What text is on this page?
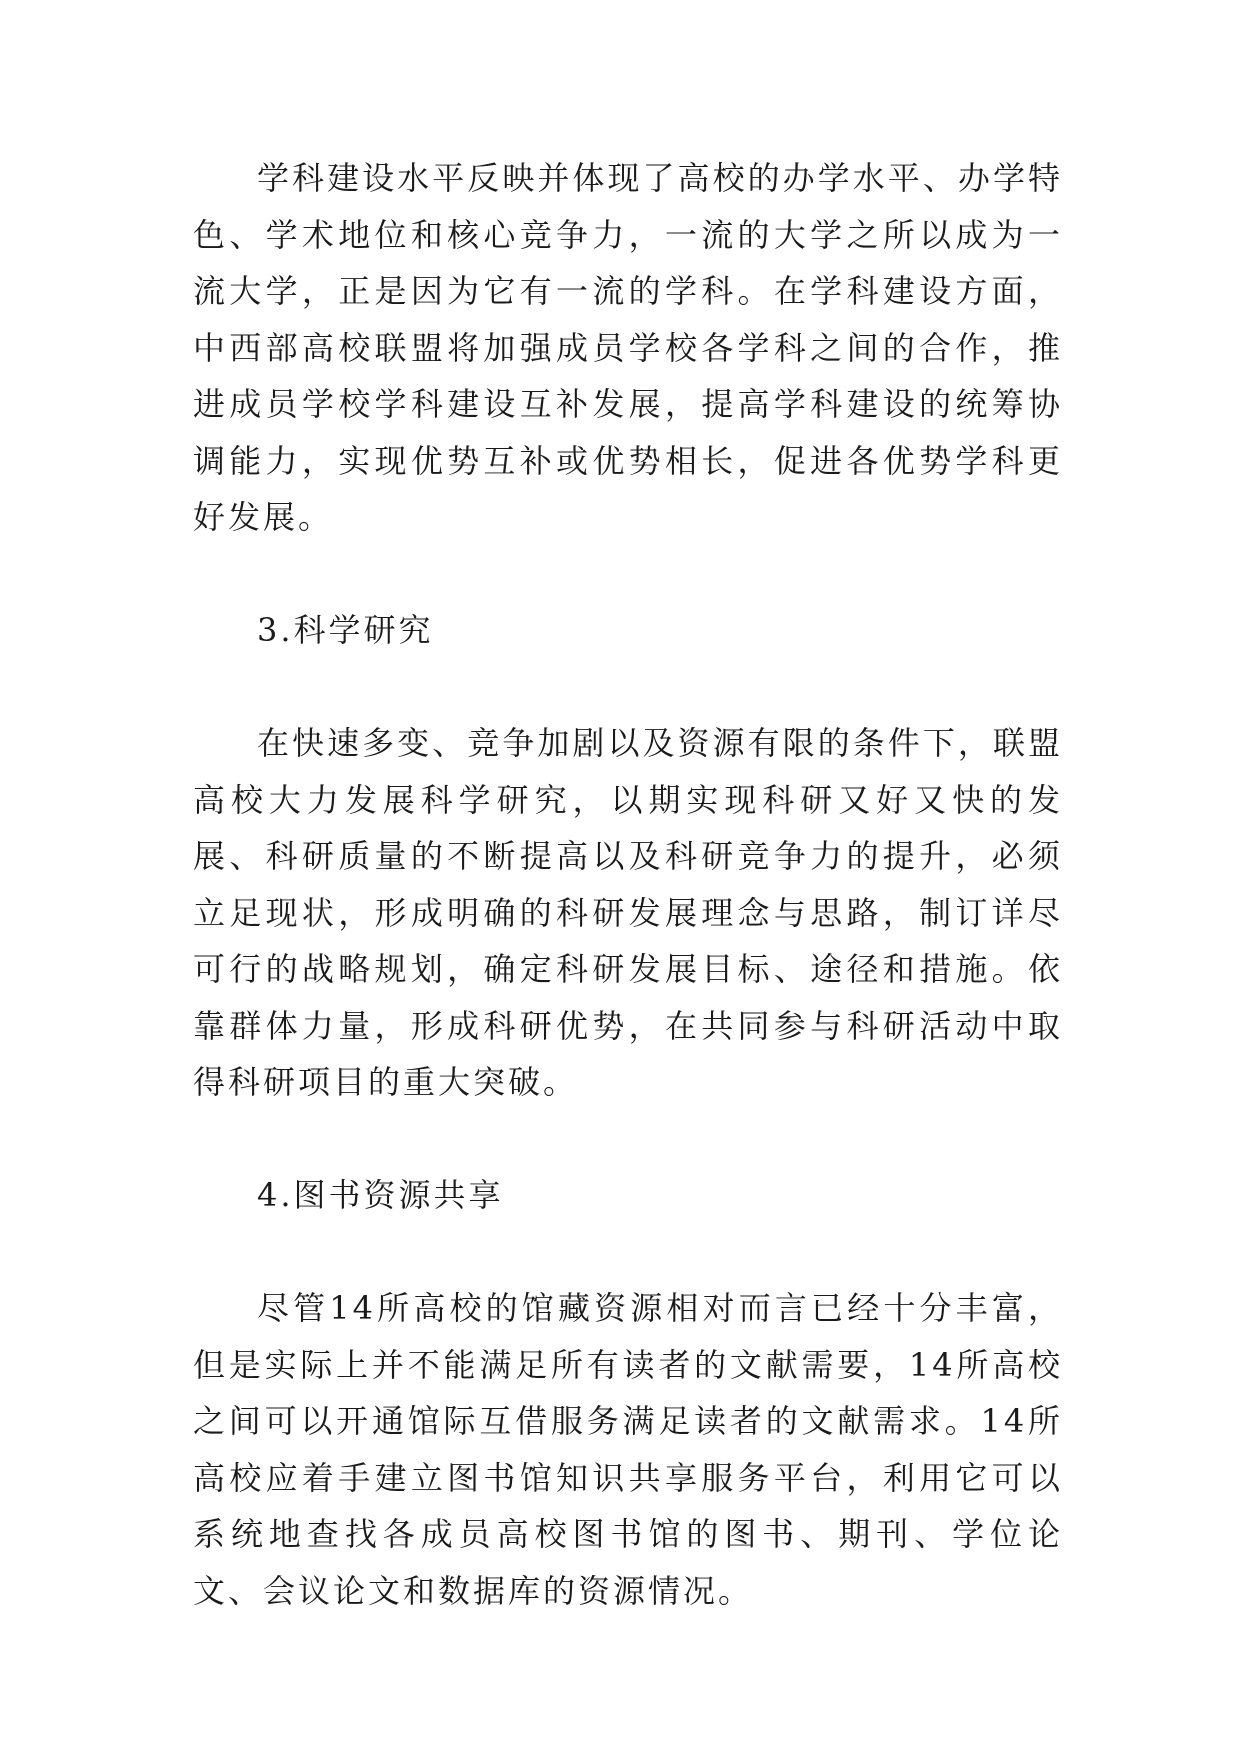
学科建设水平反映并体现了高校的办学水平、办学特色、学术地位和核心竞争力，一流的大学之所以成为一流大学，正是因为它有一流的学科。在学科建设方面，中西部高校联盟将加强成员学校各学科之间的合作，推进成员学校学科建设互补发展，提高学科建设的统筹协调能力，实现优势互补或优势相长，促进各优势学科更好发展。

3.科学研究

在快速多变、竞争加剧以及资源有限的条件下，联盟高校大力发展科学研究，以期实现科研又好又快的发展、科研质量的不断提高以及科研竞争力的提升，必须立足现状，形成明确的科研发展理念与思路，制订详尽可行的战略规划，确定科研发展目标、途径和措施。依靠群体力量，形成科研优势，在共同参与科研活动中取得科研项目的重大突破。

4.图书资源共享

尽管14所高校的馆藏资源相对而言已经十分丰富，但是实际上并不能满足所有读者的文献需要，14所高校之间可以开通馆际互借服务满足读者的文献需求。14所高校应着手建立图书馆知识共享服务平台，利用它可以系统地查找各成员高校图书馆的图书、期刊、学位论文、会议论文和数据库的资源情况。
